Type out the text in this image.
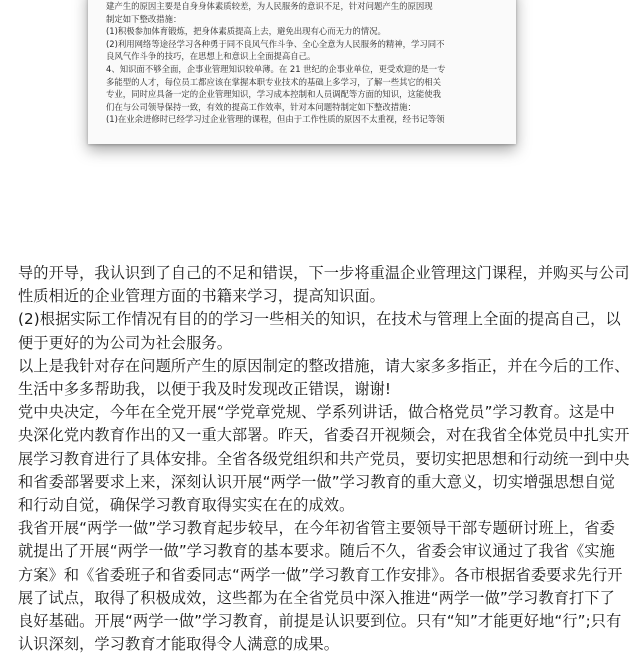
建产生的原因主要是自身身体素质较差，为人民服务的意识不足，针对问题产生的原因现
制定如下整改措施：
(1)积极参加体育锻炼，把身体素质提高上去，避免出现有心而无力的情况。
(2)利用网络等途径学习各种勇于同不良风气作斗争、全心全意为人民服务的精神，学习同不
良风气作斗争的技巧，在思想上和意识上全面提高自己。
4、知识面不够全面，企事业管理知识较单薄。在 21 世纪的企事业单位，更受欢迎的是一专
多能型的人才，每位员工都应该在掌握本职专业技术的基础上多学习，了解一些其它的相关
专业，同时应具备一定的企业管理知识，学习成本控制和人员调配等方面的知识，这能使我
们在与公司领导保持一致，有效的提高工作效率，针对本问题特制定如下整改措施：
(1)在业余进修时已经学习过企业管理的课程，但由于工作性质的原因不太重视，经书记等领

导的开导，我认识到了自己的不足和错误，下一步将重温企业管理这门课程，并购买与公司性质相近的企业管理方面的书籍来学习，提高知识面。

(2)根据实际工作情况有目的的学习一些相关的知识，在技术与管理上全面的提高自己，以便于更好的为公司为社会服务。

以上是我针对存在问题所产生的原因制定的整改措施，请大家多多指正，并在今后的工作、生活中多多帮助我，以便于我及时发现改正错误，谢谢!

党中央决定，今年在全党开展“学党章党规、学系列讲话，做合格党员”学习教育。这是中央深化党内教育作出的又一重大部署。昨天，省委召开视频会，对在我省全体党员中扎实开展学习教育进行了具体安排。全省各级党组织和共产党员，要切实把思想和行动统一到中央和省委部署要求上来，深刻认识开展“两学一做”学习教育的重大意义，切实增强思想自觉和行动自觉，确保学习教育取得实实在在的成效。

我省开展“两学一做”学习教育起步较早，在今年初省管主要领导干部专题研讨班上，省委就提出了开展“两学一做”学习教育的基本要求。随后不久，省委会审议通过了我省《实施方案》和《省委班子和省委同志“两学一做”学习教育工作安排》。各市根据省委要求先行开展了试点，取得了积极成效，这些都为在全省党员中深入推进“两学一做”学习教育打下了良好基础。开展“两学一做”学习教育，前提是认识要到位。只有“知”才能更好地“行”;只有认识深刻，学习教育才能取得令人满意的成果。
